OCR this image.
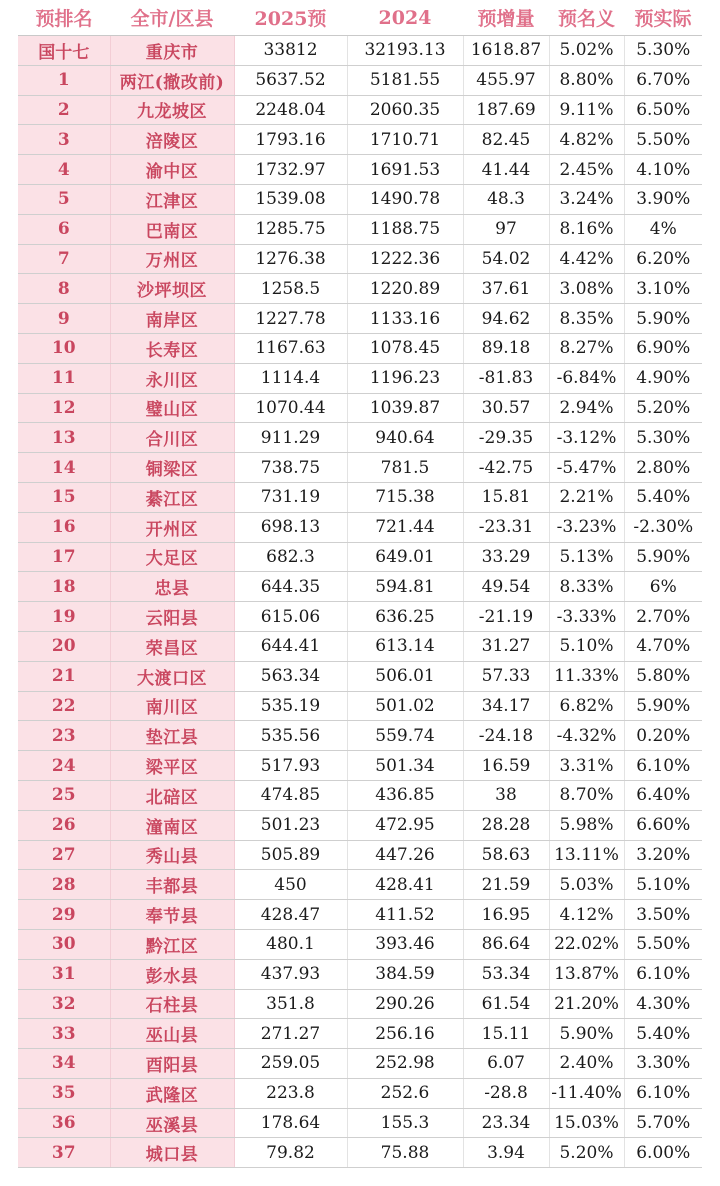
预排名	全市/区县	2025预	2024	预增量	预名义	预实际
国十七	重庆市	33812	32193.13	1618.87	5.02%	5.30%
1	两江(撤改前)	5637.52	5181.55	455.97	8.80%	6.70%
2	九龙坡区	2248.04	2060.35	187.69	9.11%	6.50%
3	涪陵区	1793.16	1710.71	82.45	4.82%	5.50%
4	渝中区	1732.97	1691.53	41.44	2.45%	4.10%
5	江津区	1539.08	1490.78	48.3	3.24%	3.90%
6	巴南区	1285.75	1188.75	97	8.16%	4%
7	万州区	1276.38	1222.36	54.02	4.42%	6.20%
8	沙坪坝区	1258.5	1220.89	37.61	3.08%	3.10%
9	南岸区	1227.78	1133.16	94.62	8.35%	5.90%
10	长寿区	1167.63	1078.45	89.18	8.27%	6.90%
11	永川区	1114.4	1196.23	-81.83	-6.84%	4.90%
12	璧山区	1070.44	1039.87	30.57	2.94%	5.20%
13	合川区	911.29	940.64	-29.35	-3.12%	5.30%
14	铜梁区	738.75	781.5	-42.75	-5.47%	2.80%
15	綦江区	731.19	715.38	15.81	2.21%	5.40%
16	开州区	698.13	721.44	-23.31	-3.23%	-2.30%
17	大足区	682.3	649.01	33.29	5.13%	5.90%
18	忠县	644.35	594.81	49.54	8.33%	6%
19	云阳县	615.06	636.25	-21.19	-3.33%	2.70%
20	荣昌区	644.41	613.14	31.27	5.10%	4.70%
21	大渡口区	563.34	506.01	57.33	11.33%	5.80%
22	南川区	535.19	501.02	34.17	6.82%	5.90%
23	垫江县	535.56	559.74	-24.18	-4.32%	0.20%
24	梁平区	517.93	501.34	16.59	3.31%	6.10%
25	北碚区	474.85	436.85	38	8.70%	6.40%
26	潼南区	501.23	472.95	28.28	5.98%	6.60%
27	秀山县	505.89	447.26	58.63	13.11%	3.20%
28	丰都县	450	428.41	21.59	5.03%	5.10%
29	奉节县	428.47	411.52	16.95	4.12%	3.50%
30	黔江区	480.1	393.46	86.64	22.02%	5.50%
31	彭水县	437.93	384.59	53.34	13.87%	6.10%
32	石柱县	351.8	290.26	61.54	21.20%	4.30%
33	巫山县	271.27	256.16	15.11	5.90%	5.40%
34	酉阳县	259.05	252.98	6.07	2.40%	3.30%
35	武隆区	223.8	252.6	-28.8	-11.40%	6.10%
36	巫溪县	178.64	155.3	23.34	15.03%	5.70%
37	城口县	79.82	75.88	3.94	5.20%	6.00%
